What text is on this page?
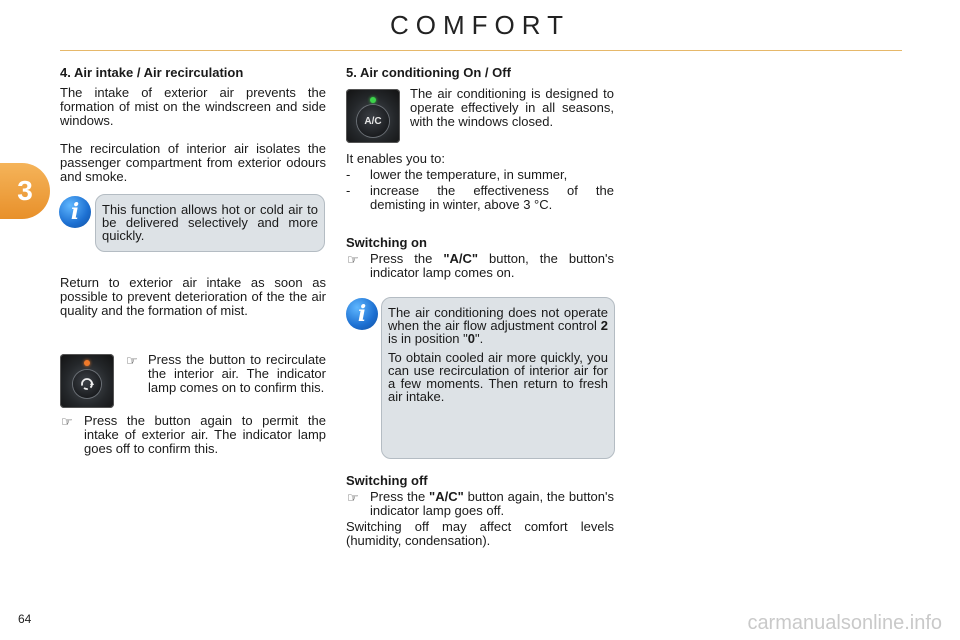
COMFORT
3
4. Air intake / Air recirculation

The intake of exterior air prevents the formation of mist on the windscreen and side windows.

The recirculation of interior air isolates the passenger compartment from exterior odours and smoke.

i	This function allows hot or cold air to be delivered selectively and more quickly.

Return to exterior air intake as soon as possible to prevent deterioration of the the air quality and the formation of mist.

☞ Press the button to recirculate the interior air. The indicator lamp comes on to confirm this.

☞ Press the button again to permit the intake of exterior air. The indicator lamp goes off to confirm this.

5. Air conditioning On / Off
A/C

The air conditioning is designed to operate effectively in all seasons, with the windows closed.

It enables you to:

- lower the temperature, in summer,
- increase the effectiveness of the demisting in winter, above 3 °C.
Switching on
☞ Press the "A/C" button, the button's indicator lamp comes on.

i	The air conditioning does not operate when the air flow adjustment control 2 is in position "0".

To obtain cooled air more quickly, you can use recirculation of interior air for a few moments. Then return to fresh air intake.

Switching off
☞ Press the "A/C" button again, the button's indicator lamp goes off.

Switching off may affect comfort levels (humidity, condensation).

64	carmanualsonline.info
